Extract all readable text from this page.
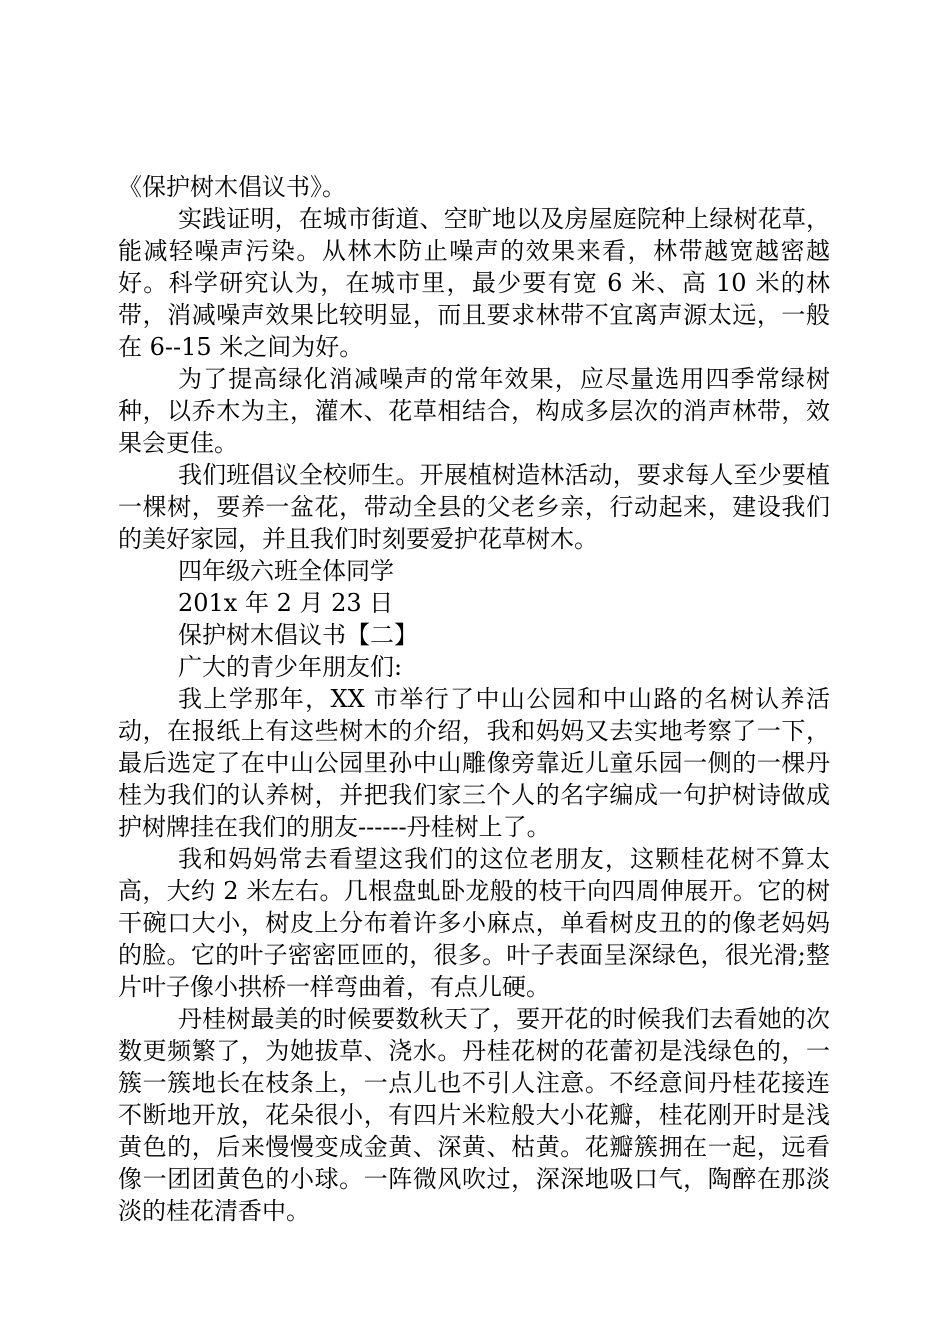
《保护树木倡议书》。

实践证明，在城市街道、空旷地以及房屋庭院种上绿树花草，能减轻噪声污染。从林木防止噪声的效果来看，林带越宽越密越好。科学研究认为，在城市里，最少要有宽 6 米、高 10 米的林带，消减噪声效果比较明显，而且要求林带不宜离声源太远，一般在 6--15 米之间为好。

为了提高绿化消减噪声的常年效果，应尽量选用四季常绿树种，以乔木为主，灌木、花草相结合，构成多层次的消声林带，效果会更佳。

我们班倡议全校师生。开展植树造林活动，要求每人至少要植一棵树，要养一盆花，带动全县的父老乡亲，行动起来，建设我们的美好家园，并且我们时刻要爱护花草树木。

四年级六班全体同学

201x 年 2 月 23 日

保护树木倡议书【二】

广大的青少年朋友们:

我上学那年，XX 市举行了中山公园和中山路的名树认养活动，在报纸上有这些树木的介绍，我和妈妈又去实地考察了一下，最后选定了在中山公园里孙中山雕像旁靠近儿童乐园一侧的一棵丹桂为我们的认养树，并把我们家三个人的名字编成一句护树诗做成护树牌挂在我们的朋友------丹桂树上了。

我和妈妈常去看望这我们的这位老朋友，这颗桂花树不算太高，大约 2 米左右。几根盘虬卧龙般的枝干向四周伸展开。它的树干碗口大小，树皮上分布着许多小麻点，单看树皮丑的的像老妈妈的脸。它的叶子密密匝匝的，很多。叶子表面呈深绿色，很光滑;整片叶子像小拱桥一样弯曲着，有点儿硬。

丹桂树最美的时候要数秋天了，要开花的时候我们去看她的次数更频繁了，为她拔草、浇水。丹桂花树的花蕾初是浅绿色的，一簇一簇地长在枝条上，一点儿也不引人注意。不经意间丹桂花接连不断地开放，花朵很小，有四片米粒般大小花瓣，桂花刚开时是浅黄色的，后来慢慢变成金黄、深黄、枯黄。花瓣簇拥在一起，远看像一团团黄色的小球。一阵微风吹过，深深地吸口气，陶醉在那淡淡的桂花清香中。
